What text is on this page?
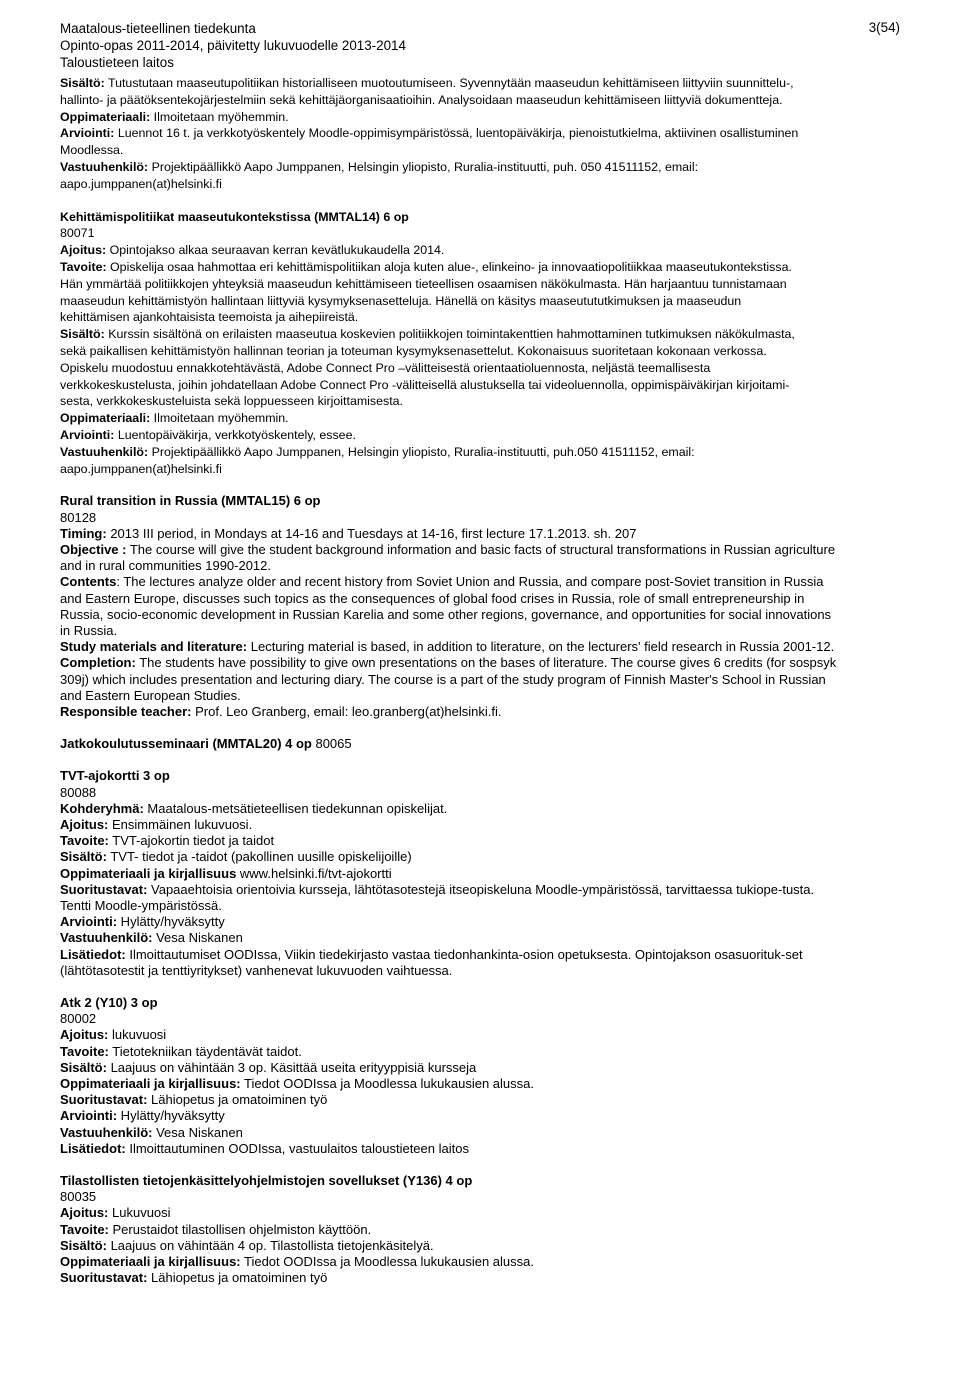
Maatalous-tieteellinen tiedekunta
Opinto-opas 2011-2014, päivitetty lukuvuodelle 2013-2014
Taloustieteen laitos
3(54)
Sisältö: Tutustutaan maaseutupolitiikan historialliseen muotoutumiseen. Syvennytään maaseudun kehittämiseen liittyviin suunnittelu-,
hallinto- ja päätöksentekojärjestelmiin sekä kehittäjäorganisaatioihin. Analysoidaan maaseudun kehittämiseen liittyviä dokumentteja.
Oppimateriaali: Ilmoitetaan myöhemmin.
Arviointi: Luennot 16 t. ja verkkotyöskentely Moodle-oppimisympäristössä, luentopäiväkirja, pienoistutkielma, aktiivinen osallistuminen
Moodlessa.
Vastuuhenkilö: Projektipäällikkö Aapo Jumppanen, Helsingin yliopisto, Ruralia-instituutti, puh. 050 41511152, email:
aapo.jumppanen(at)helsinki.fi
Kehittämispolitiikat maaseutukontekstissa (MMTAL14) 6 op
80071
Ajoitus: Opintojakso alkaa seuraavan kerran kevätlukukaudella 2014.
Tavoite: Opiskelija osaa hahmottaa eri kehittämispolitiikan aloja kuten alue-, elinkeino- ja innovaatiopolitiikkaa maaseutukontekstissa.
Hän ymmärtää politiikkojen yhteyksiä maaseudun kehittämiseen tieteellisen osaamisen näkökulmasta. Hän harjaantuu tunnistamaan
maaseudun kehittämistyön hallintaan liittyviä kysymyksenasetteluja. Hänellä on käsitys maaseutututkimuksen ja maaseudun
kehittämisen ajankohtaisista teemoista ja aihepiireistä.
Sisältö: Kurssin sisältönä on erilaisten maaseutua koskevien politiikkojen toimintakenttien hahmottaminen tutkimuksen näkökulmasta,
sekä paikallisen kehittämistyön hallinnan teorian ja toteuman kysymyksenasettelut. Kokonaisuus suoritetaan kokonaan verkossa.
Opiskelu muodostuu ennakkotehtävästä, Adobe Connect Pro –välitteisestä orientaatioluennosta, neljästä teemallisesta
verkkokeskustelusta, joihin johdatellaan Adobe Connect Pro -välitteisellä alustuksella tai videoluennolla, oppimispäiväkirjan kirjoitami-
sesta, verkkokeskusteluista sekä loppuesseen kirjoittamisesta.
Oppimateriaali: Ilmoitetaan myöhemmin.
Arviointi: Luentopäiväkirja, verkkotyöskentely, essee.
Vastuuhenkilö: Projektipäällikkö Aapo Jumppanen, Helsingin yliopisto, Ruralia-instituutti, puh.050 41511152, email:
aapo.jumppanen(at)helsinki.fi
Rural transition in Russia (MMTAL15) 6 op
80128
Timing: 2013 III period, in Mondays at 14-16 and Tuesdays at 14-16, first lecture 17.1.2013. sh. 207
Objective : The course will give the student background information and basic facts of structural transformations in Russian agriculture
and in rural communities 1990-2012.
Contents: The lectures analyze older and recent history from Soviet Union and Russia, and compare post-Soviet transition in Russia
and Eastern Europe, discusses such topics as the consequences of global food crises in Russia, role of small entrepreneurship in
Russia, socio-economic development in Russian Karelia and some other regions, governance, and opportunities for social innovations
in Russia.
Study materials and literature: Lecturing material is based, in addition to literature, on the lecturers' field research in Russia 2001-12.
Completion: The students have possibility to give own presentations on the bases of literature. The course gives 6 credits (for sospsyk
309j) which includes presentation and lecturing diary. The course is a part of the study program of Finnish Master's School in Russian
and Eastern European Studies.
Responsible teacher: Prof. Leo Granberg, email: leo.granberg(at)helsinki.fi.
Jatkokoulutusseminaari (MMTAL20) 4 op 80065
TVT-ajokortti 3 op
80088
Kohderyhmä: Maatalous-metsätieteellisen tiedekunnan opiskelijat.
Ajoitus: Ensimmäinen lukuvuosi.
Tavoite: TVT-ajokortin tiedot ja taidot
Sisältö: TVT- tiedot ja -taidot (pakollinen uusille opiskelijoille)
Oppimateriaali ja kirjallisuus www.helsinki.fi/tvt-ajokortti
Suoritustavat: Vapaaehtoisia orientoivia kursseja, lähtötasotestejä itseopiskeluna Moodle-ympäristössä, tarvittaessa tukiope-tusta.
Tentti Moodle-ympäristössä.
Arviointi: Hylätty/hyväksytty
Vastuuhenkilö: Vesa Niskanen
Lisätiedot: Ilmoittautumiset OODIssa, Viikin tiedekirjasto vastaa tiedonhankinta-osion opetuksesta. Opintojakson osasuorituk-set
(lähtötasotestit ja tenttiyritykset) vanhenevat lukuvuoden vaihtuessa.
Atk 2 (Y10) 3 op
80002
Ajoitus: lukuvuosi
Tavoite: Tietotekniikan täydentävät taidot.
Sisältö: Laajuus on vähintään 3 op. Käsittää useita erityyppisiä kursseja
Oppimateriaali ja kirjallisuus: Tiedot OODIssa ja Moodlessa lukukausien alussa.
Suoritustavat: Lähiopetus ja omatoiminen työ
Arviointi: Hylätty/hyväksytty
Vastuuhenkilö: Vesa Niskanen
Lisätiedot: Ilmoittautuminen OODIssa, vastuulaitos taloustieteen laitos
Tilastollisten tietojenkäsittelyohjelmistojen sovellukset (Y136) 4 op
80035
Ajoitus: Lukuvuosi
Tavoite: Perustaidot tilastollisen ohjelmiston käyttöön.
Sisältö: Laajuus on vähintään 4 op. Tilastollista tietojenkäsitelyä.
Oppimateriaali ja kirjallisuus: Tiedot OODIssa ja Moodlessa lukukausien alussa.
Suoritustavat: Lähiopetus ja omatoiminen työ
